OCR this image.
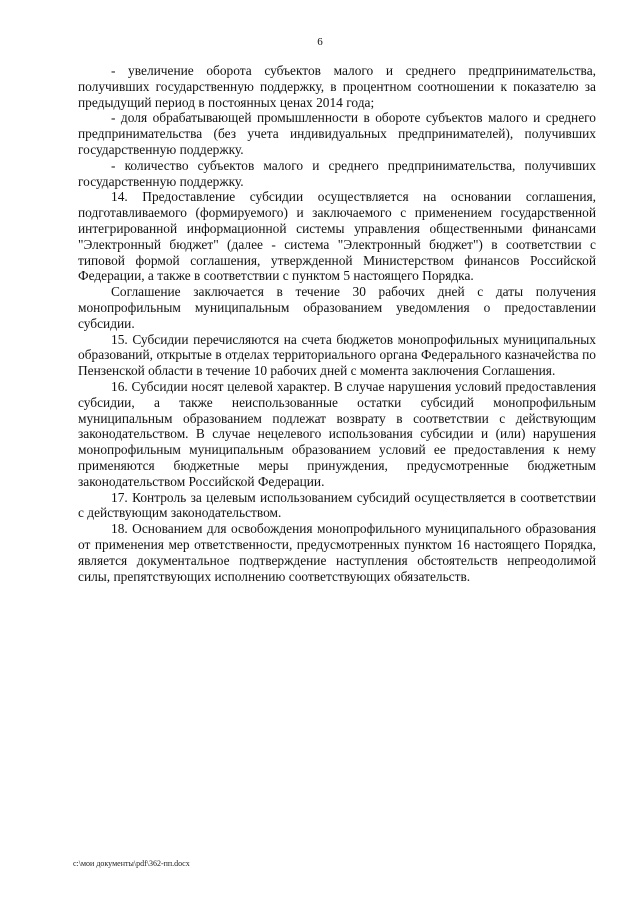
6

- увеличение оборота субъектов малого и среднего предпринимательства, получивших государственную поддержку, в процентном соотношении к показателю за предыдущий период в постоянных ценах 2014 года;

- доля обрабатывающей промышленности в обороте субъектов малого и среднего предпринимательства (без учета индивидуальных предпринимателей), получивших государственную поддержку.

- количество субъектов малого и среднего предпринимательства, получивших государственную поддержку.

14. Предоставление субсидии осуществляется на основании соглашения, подготавливаемого (формируемого) и заключаемого с применением государственной интегрированной информационной системы управления общественными финансами "Электронный бюджет" (далее - система "Электронный бюджет") в соответствии с типовой формой соглашения, утвержденной Министерством финансов Российской Федерации, а также в соответствии с пунктом 5 настоящего Порядка.

Соглашение заключается в течение 30 рабочих дней с даты получения монопрофильным муниципальным образованием уведомления о предоставлении субсидии.

15. Субсидии перечисляются на счета бюджетов монопрофильных муниципальных образований, открытые в отделах территориального органа Федерального казначейства по Пензенской области в течение 10 рабочих дней с момента заключения Соглашения.

16. Субсидии носят целевой характер. В случае нарушения условий предоставления субсидии, а также неиспользованные остатки субсидий монопрофильным муниципальным образованием подлежат возврату в соответствии с действующим законодательством. В случае нецелевого использования субсидии и (или) нарушения монопрофильным муниципальным образованием условий ее предоставления к нему применяются бюджетные меры принуждения, предусмотренные бюджетным законодательством Российской Федерации.

17. Контроль за целевым использованием субсидий осуществляется в соответствии с действующим законодательством.

18. Основанием для освобождения монопрофильного муниципального образования от применения мер ответственности, предусмотренных пунктом 16 настоящего Порядка, является документальное подтверждение наступления обстоятельств непреодолимой силы, препятствующих исполнению соответствующих обязательств.

c:\мои документы\pdf\362-пп.docx
